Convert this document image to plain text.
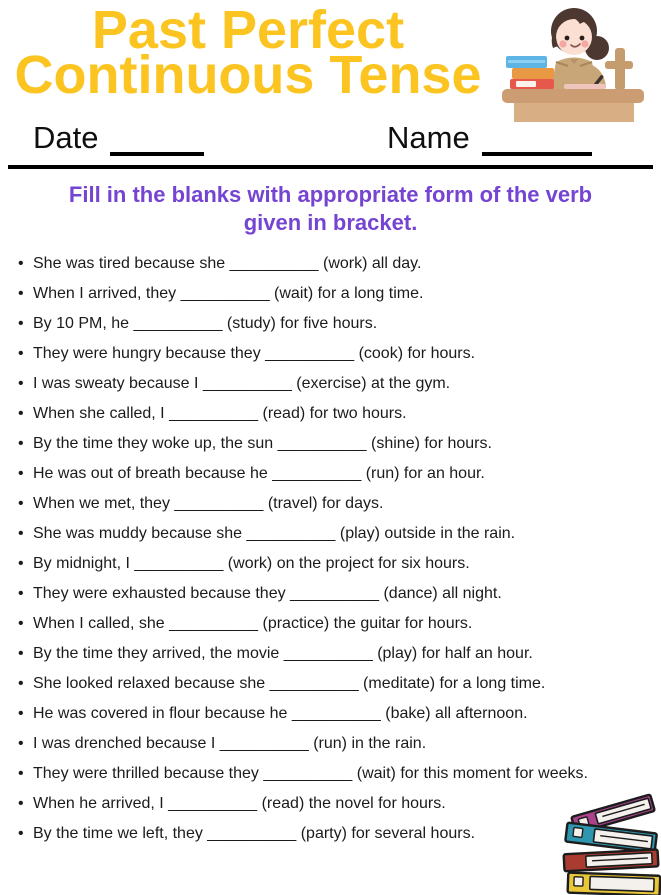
Past Perfect
Continuous Tense
Date	Name
Fill in the blanks with appropriate form of the verb
given in bracket.
• She was tired because she __________ (work) all day.
• When I arrived, they __________ (wait) for a long time.
• By 10 PM, he __________ (study) for five hours.
• They were hungry because they __________ (cook) for hours.
• I was sweaty because I __________ (exercise) at the gym.
• When she called, I __________ (read) for two hours.
• By the time they woke up, the sun __________ (shine) for hours.
• He was out of breath because he __________ (run) for an hour.
• When we met, they __________ (travel) for days.
• She was muddy because she __________ (play) outside in the rain.
• By midnight, I __________ (work) on the project for six hours.
• They were exhausted because they __________ (dance) all night.
• When I called, she __________ (practice) the guitar for hours.
• By the time they arrived, the movie __________ (play) for half an hour.
• She looked relaxed because she __________ (meditate) for a long time.
• He was covered in flour because he __________ (bake) all afternoon.
• I was drenched because I __________ (run) in the rain.
• They were thrilled because they __________ (wait) for this moment for weeks.
• When he arrived, I __________ (read) the novel for hours.
• By the time we left, they __________ (party) for several hours.
